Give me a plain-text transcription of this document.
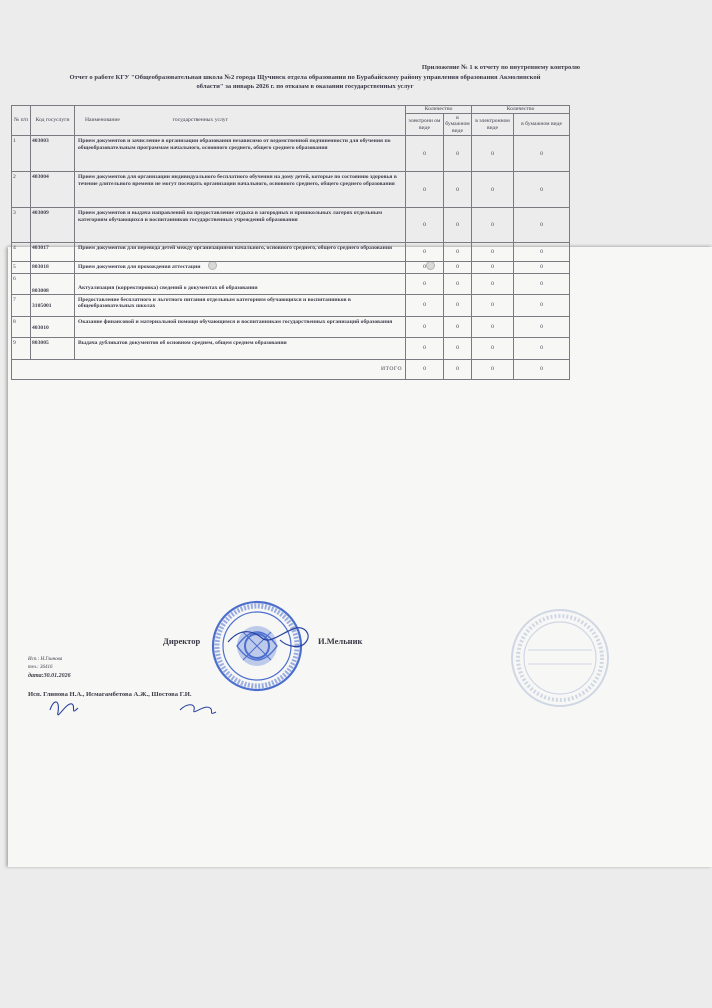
Приложение № 1 к отчету по внутреннему контролю
Отчет о работе КГУ "Общеобразовательная школа №2 города Щучинск отдела образования по Бурабайскому району управления образования Акмолинской
области" за январь 2026 г. по отказам в оказании государственных услуг
№ п/п	Код госуслуги	Наименование государственных услуг	Количество		Количество	
			электрони ом виде	в бумажном виде	в электронном виде	в бумажном виде
1	403003	Прием документов и зачисление в организации образования независимо от ведомственной подчиненности для обучения по общеобразовательным программам начального, основного среднего, общего среднего образования	0	0	0	0
2	403004	Прием документов для организации индивидуального бесплатного обучения на дому детей, которые по состоянию здоровья в течение длительного времени не могут посещать организации начального, основного среднего, общего среднего образования	0	0	0	0
3	403009	Прием документов и выдача направлений на предоставление отдыха в загородных и пришкольных лагерях отдельным категориям обучающихся и воспитанников государственных учреждений образования	0	0	0	0
4	403017	Прием документов для перевода детей между организациями начального, основного среднего, общего среднего образования	0	0	0	0
5	803018	Прием документов для прохождения аттестации	0	0	0	0
6	803008	Актуализация (корректировка) сведений о документах об образовании	0	0	0	0
7	3105001	Предоставление бесплатного и льготного питания отдельным категориям обучающихся и воспитанников в общеобразовательных школах	0	0	0	0
8	403010	Оказание финансовой и материальной помощи обучающимся и воспитанникам государственных организаций образования	0	0	0	0
9	803005	Выдача дубликатов документов об основном среднем, общем среднем образовании	0	0	0	0
ИТОГО			0	0	0	0
Директор	И.Мельник
Исп.: Н.Глинова
тел.: 36416
дата:30.01.2026
Исп. Глинова Н.А., Исмагамбетова А.Ж., Шостова Г.И.
